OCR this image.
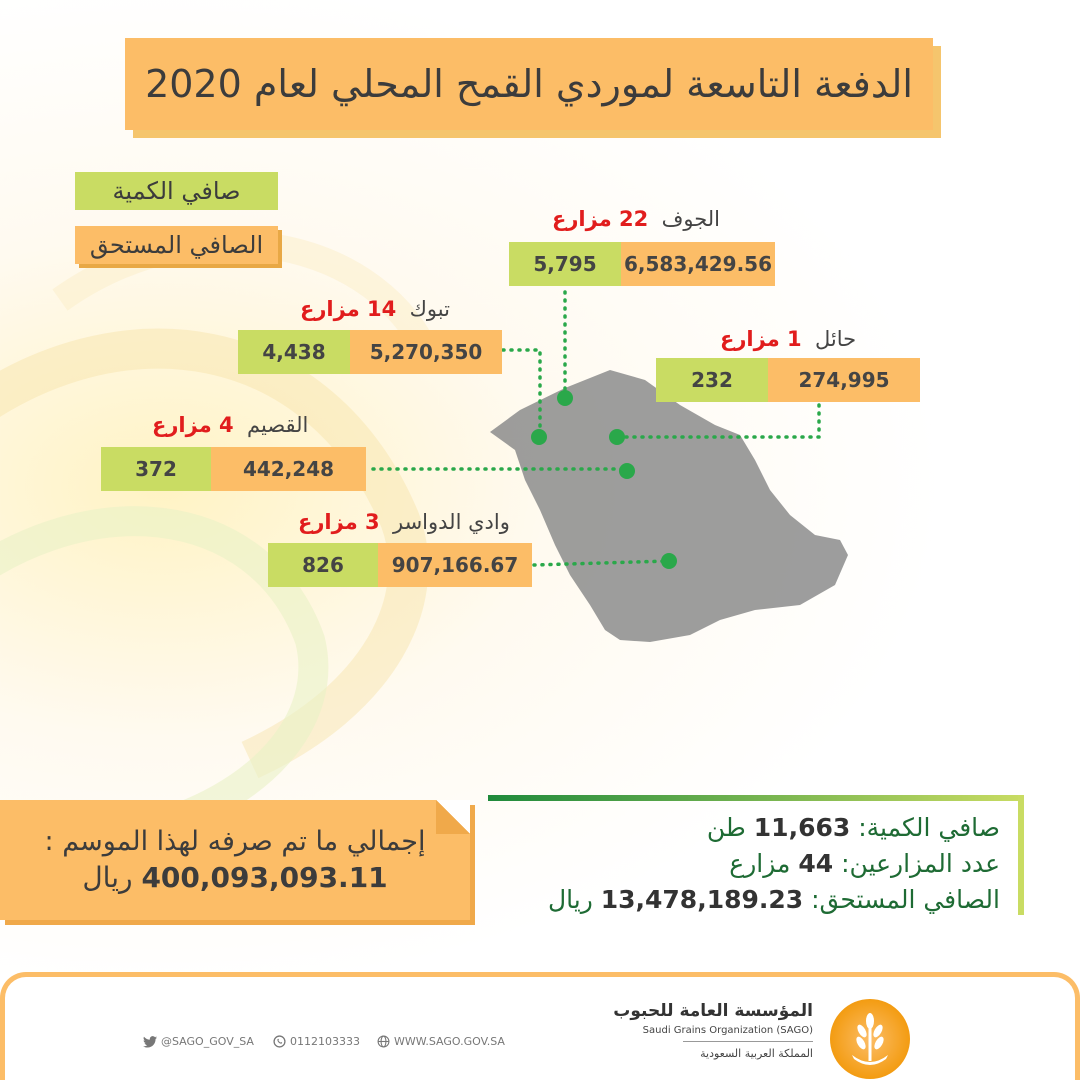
الدفعة التاسعة لموردي القمح المحلي لعام 2020
صافي الكمية
الصافي المستحق
الجوف  22 مزارع
5,795	6,583,429.56
تبوك  14 مزارع
4,438	5,270,350
حائل  1 مزارع
232	274,995
القصيم  4 مزارع
372	442,248
وادي الدواسر  3 مزارع
826	907,166.67
إجمالي ما تم صرفه لهذا الموسم :
400,093,093.11 ريال
صافي الكمية: 11,663 طن
عدد المزارعين: 44 مزارع
الصافي المستحق: 13,478,189.23 ريال
@SAGO_GOV_SA	0112103333	WWW.SAGO.GOV.SA
المؤسسة العامة للحبوب
Saudi Grains Organization (SAGO)
المملكة العربية السعودية
